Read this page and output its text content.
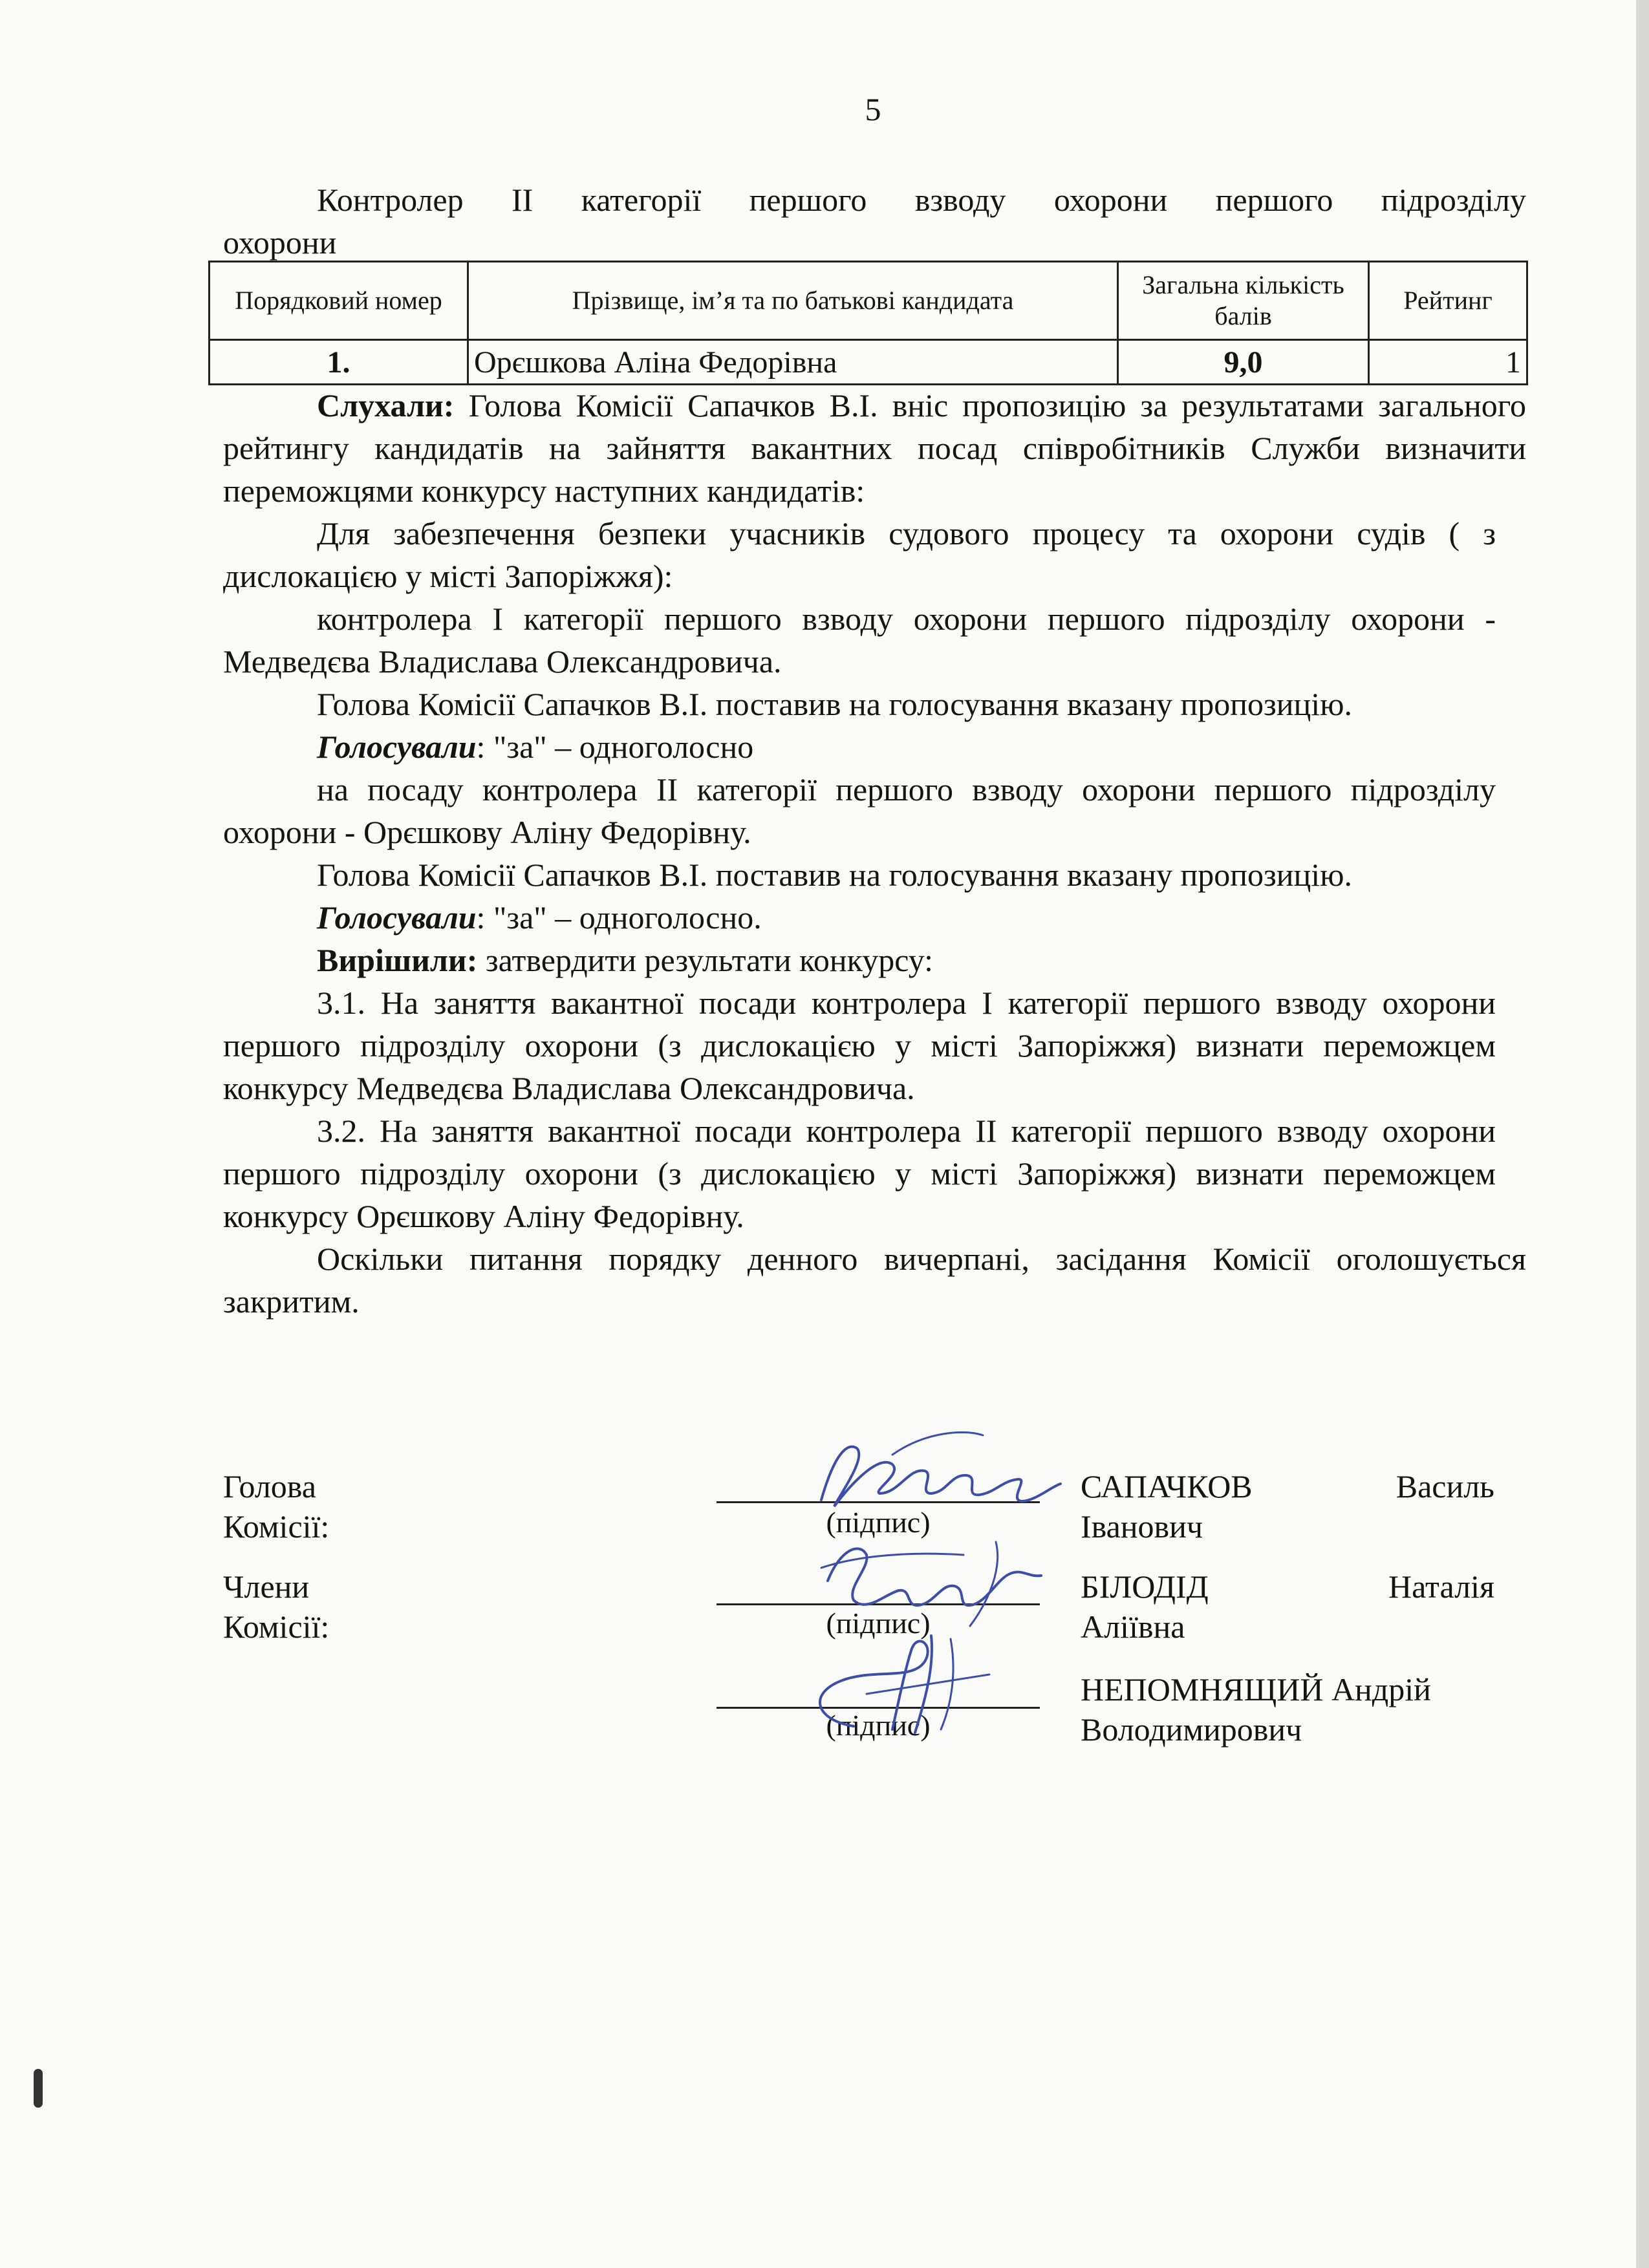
5
Контролер ІІ категорії першого взводу охорони першого підрозділу
охорони
Порядковий номер	Прізвище, ім’я та по батькові кандидата	Загальна кількість балів	Рейтинг
1.	Орєшкова Аліна Федорівна	9,0	1

Слухали: Голова Комісії Сапачков В.І. вніс пропозицію за результатами загального рейтингу кандидатів на зайняття вакантних посад співробітників Служби визначити переможцями конкурсу наступних кандидатів:

Для забезпечення безпеки учасників судового процесу та охорони судів ( з дислокацією у місті Запоріжжя):

контролера І категорії першого взводу охорони першого підрозділу охорони - Медведєва Владислава Олександровича.

Голова Комісії Сапачков В.І. поставив на голосування вказану пропозицію.

Голосували: "за" – одноголосно

на посаду контролера ІІ категорії першого взводу охорони першого підрозділу охорони - Орєшкову Аліну Федорівну.

Голова Комісії Сапачков В.І. поставив на голосування вказану пропозицію.

Голосували: "за" – одноголосно.

Вирішили: затвердити результати конкурсу:

3.1. На заняття вакантної посади контролера І категорії першого взводу охорони першого підрозділу охорони (з дислокацією у місті Запоріжжя) визнати переможцем конкурсу Медведєва Владислава Олександровича.

3.2. На заняття вакантної посади контролера ІІ категорії першого взводу охорони першого підрозділу охорони (з дислокацією у місті Запоріжжя) визнати переможцем конкурсу Орєшкову Аліну Федорівну.

Оскільки питання порядку денного вичерпані, засідання Комісії оголошується закритим.

Голова
Комісії:	(підпис)
САПАЧКОВ Василь
Іванович
Члени
Комісії:	(підпис)
БІЛОДІД Наталія
Аліївна
(підпис)
НЕПОМНЯЩИЙ Андрій
Володимирович
